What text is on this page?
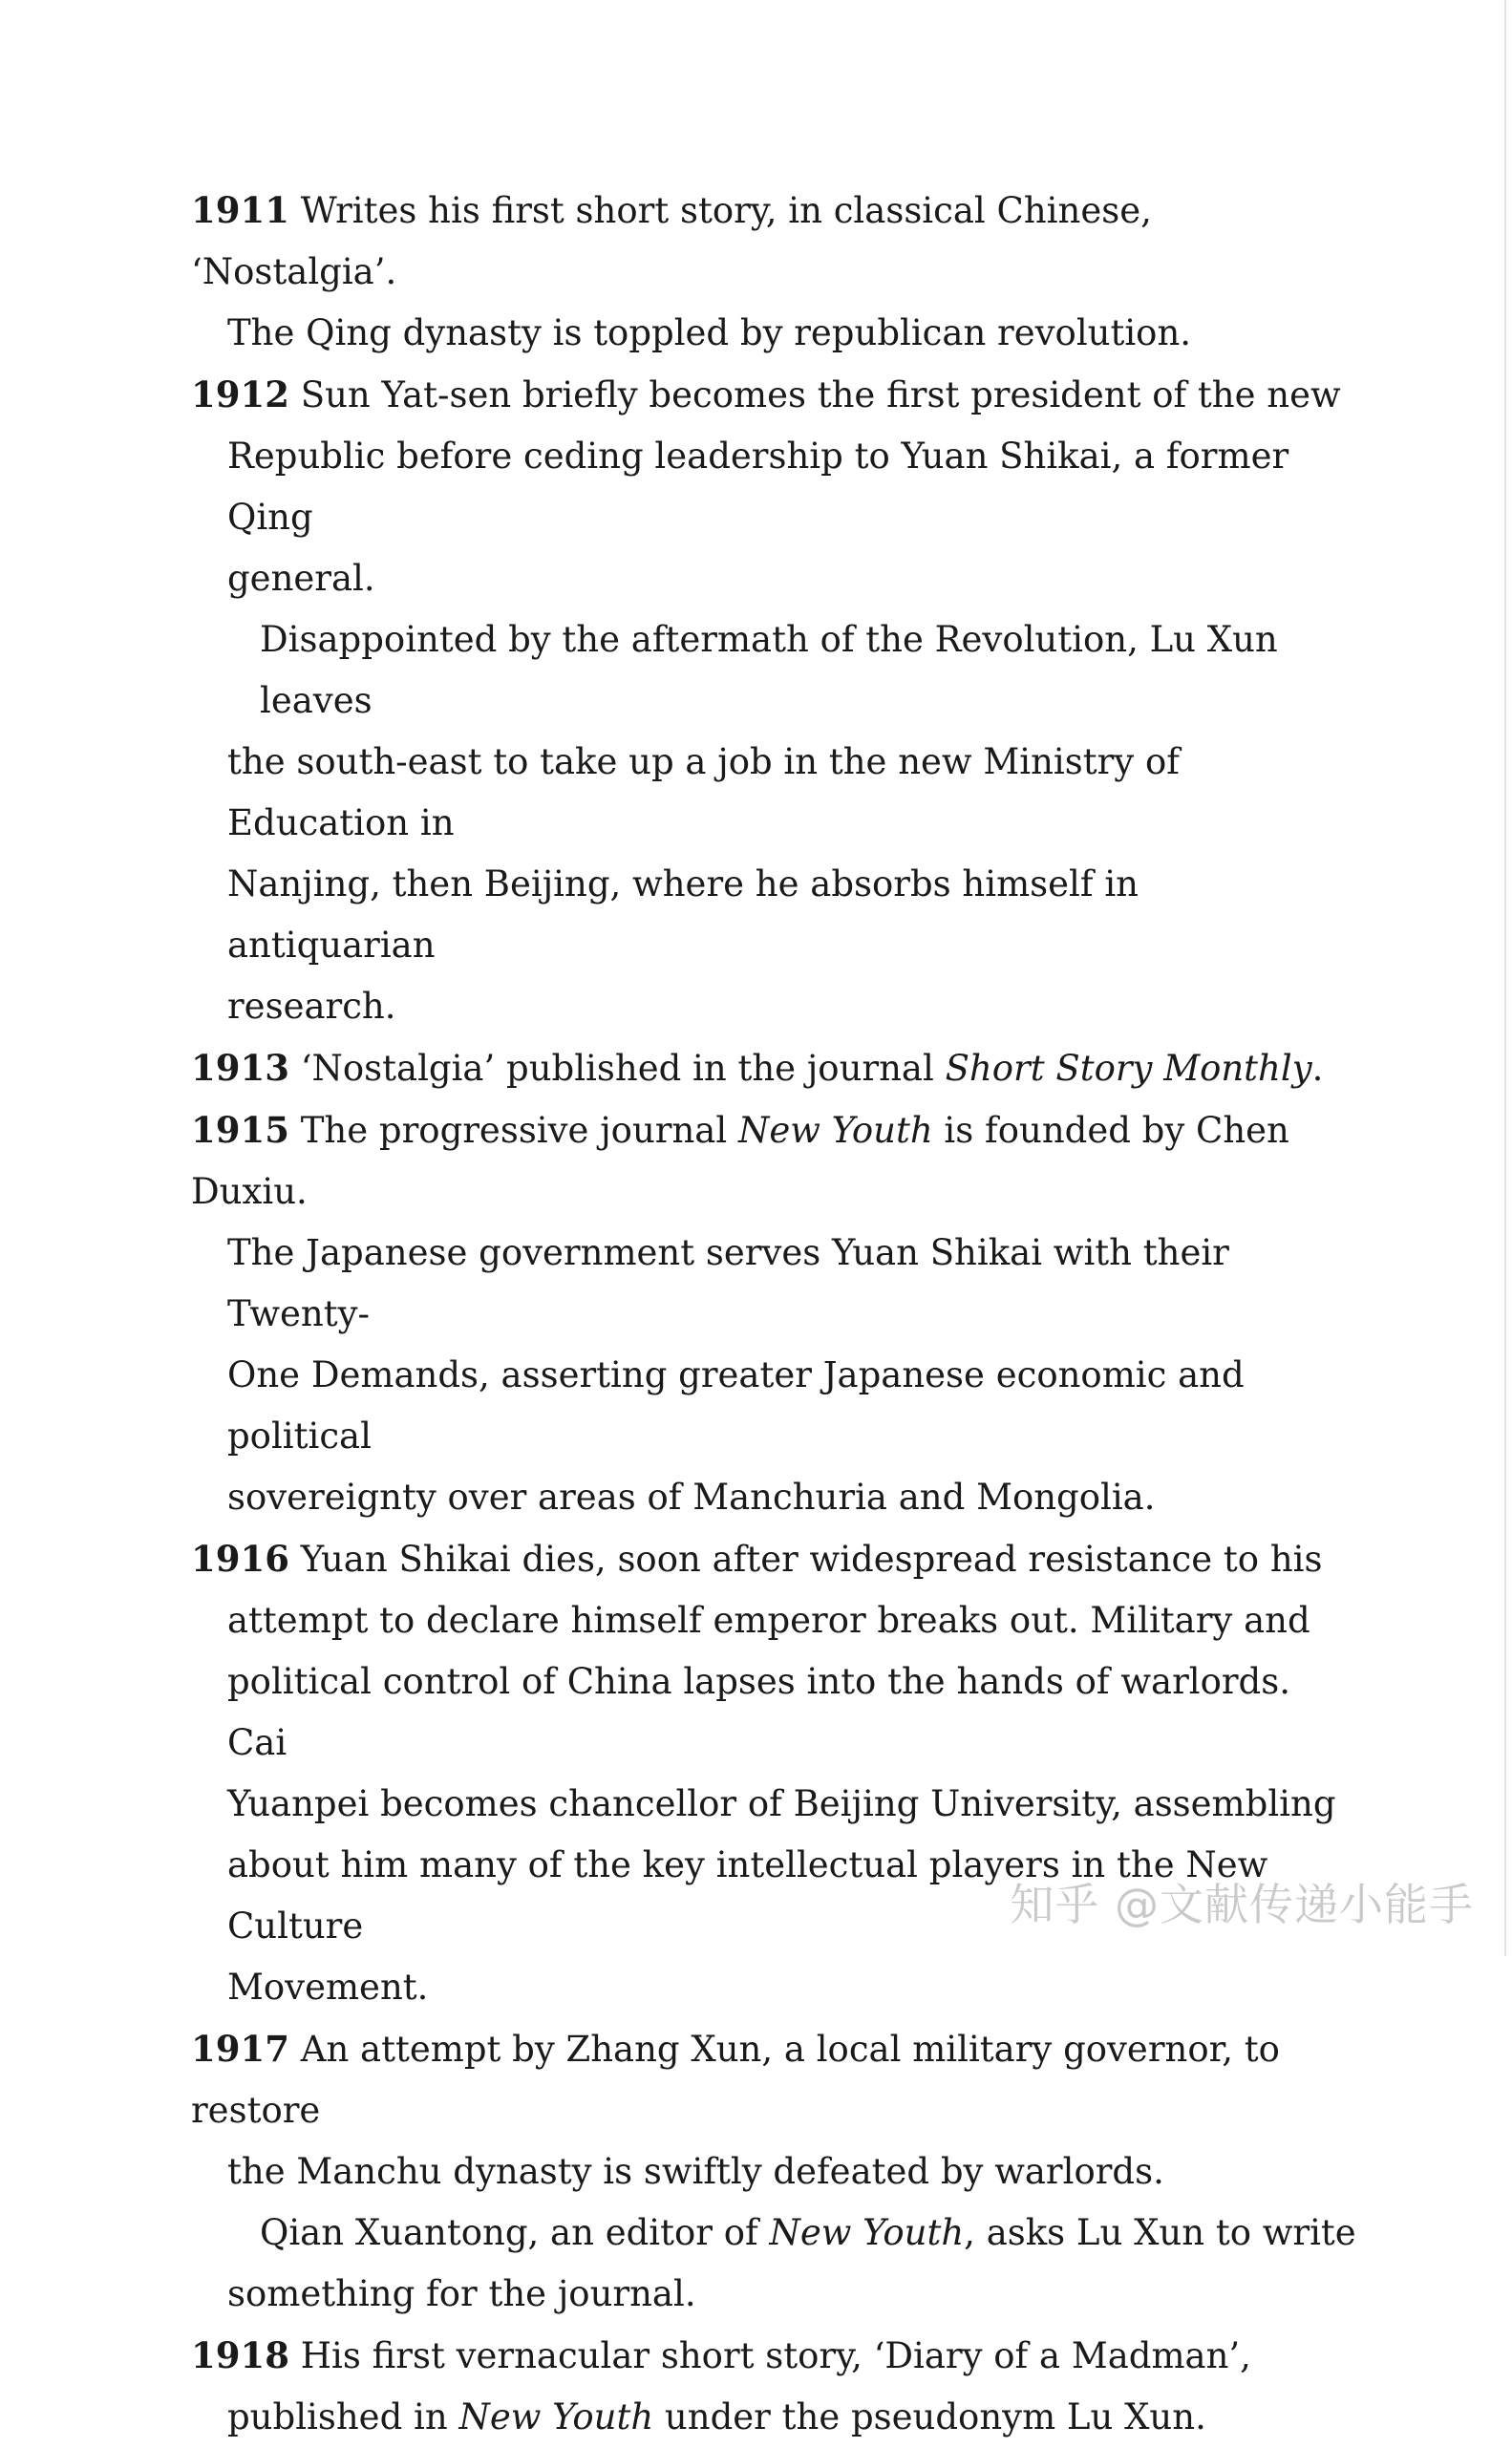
1911 Writes his first short story, in classical Chinese, ‘Nostalgia’.
The Qing dynasty is toppled by republican revolution.
1912 Sun Yat-sen briefly becomes the first president of the new
Republic before ceding leadership to Yuan Shikai, a former Qing
general.
Disappointed by the aftermath of the Revolution, Lu Xun leaves
the south-east to take up a job in the new Ministry of Education in
Nanjing, then Beijing, where he absorbs himself in antiquarian
research.
1913 ‘Nostalgia’ published in the journal Short Story Monthly.
1915 The progressive journal New Youth is founded by Chen Duxiu.
The Japanese government serves Yuan Shikai with their Twenty-
One Demands, asserting greater Japanese economic and political
sovereignty over areas of Manchuria and Mongolia.
1916 Yuan Shikai dies, soon after widespread resistance to his
attempt to declare himself emperor breaks out. Military and
political control of China lapses into the hands of warlords. Cai
Yuanpei becomes chancellor of Beijing University, assembling
about him many of the key intellectual players in the New Culture
Movement.
1917 An attempt by Zhang Xun, a local military governor, to restore
the Manchu dynasty is swiftly defeated by warlords.
Qian Xuantong, an editor of New Youth, asks Lu Xun to write
something for the journal.
1918 His first vernacular short story, ‘Diary of a Madman’,
published in New Youth under the pseudonym Lu Xun.
知乎 @文献传递小能手
